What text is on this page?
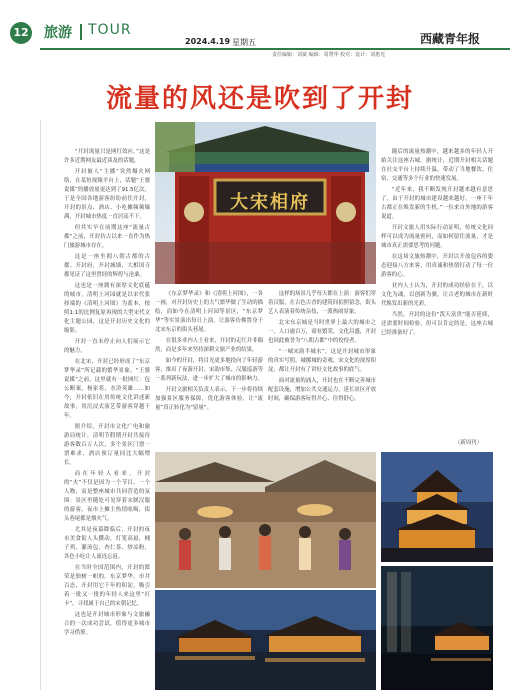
12 旅游 TOUR
2024.4.19 星期五	西藏青年报
责任编辑：刘斌 编辑：周赞华 校对：设计：刘惠光
流量的风还是吹到了开封

“开封流量只是网红效应。”这是许多近期网友最近谈及的话题。

开封被人“主播”突然爆火网络，在某短视频平台上，话题“王婆说媒”的播放量更达到了91.5亿次，于是全国各地游客纷纷前往开封，开封的景点、酒店、小吃摊频频爆满，开封城市热度一直居高不下。

但其实早在前期这座“流量古都”之前，开封仿古以来一直作为热门旅游城市存在。

这是一座坐拥八朝古都的古都。开封府，开封城墙，大相国寺都见证了这里曾经的辉煌与沧桑。

这也是一座拥有深厚文化底蕴的城市，清明上河园就是以宋代张择端的《清明上河图》为蓝本，按照1:1的比例复原再现的大型宋代文化主题公园，这是开封历史文化的缩影。

开封一直未停止向人们展示它的魅力。

在北宋，开封已经形成了“东京梦华录”所记载的繁华景象。“王婆说媒”之前，这里就有一批网红：包公断案，杨家将，水浒英雄……如今，开封依旧在用传统文化讲述新故事，用沉浸式演艺带游客穿越千年。

据介绍，开封市文化广电和旅游局统计，清明节假期开封共接待游客数百万人次，多个景区门票一票难求，酒店预订量同比大幅增长。

而在年轻人看来，开封的“火”不仅是因为一个节目、一个人物，而是整座城市共同营造的氛围：景区里随处可见穿着宋制汉服的游客，夜市上摊主热情吆喝，街头巷尾都是烟火气。

尤其是夜幕降临后，开封的夜市美食街人头攒动，灯笼高悬，桶子鸡、灌汤包、杏仁茶、炒凉粉，各色小吃让人流连忘返。

在当时全国范围内，开封的繁荣是独树一帜的。东京梦华，市井百态，开封用它千年的积淀，吸引着一批又一批的年轻人来这里“打卡”，寻找属于自己的宋朝记忆。

这也是开封城市形象与文旅融合的一次成功尝试，值得更多城市学习借鉴。

大宋相府

《东京梦华录》和《清明上河图》，一各一画，对开封历史上的大气繁华做了生动的描绘，而如今在清明上河园等景区，“东京梦华”等实景演出每日上演，让游客仿佛置身于北宋东京的街头巷尾。

在很多业内人士看来，开封的走红并非偶然，而是多年来坚持深耕文旅产业的结果。

如今的开封，将目光更多地投向了年轻游客，推出了夜游开封、宋韵市集、汉服巡游等一系列新玩法，进一步扩大了城市的影响力。

开封文旅相关负责人表示，下一步将持续加强景区服务保障，优化游客体验，让“流量”真正转化为“留量”。

这样的场景几乎每天都在上演：游客们穿着汉服，在古色古香的建筑间拍照留念，街头艺人表演着传统杂技，一派热闹景象。

北宋东京城是当时世界上最大的城市之一，人口逾百万，商业繁荣，文化昌盛，开封也因此被誉为“八朝古都”中的佼佼者。

“一城宋韵半城水”，这是开封城市形象的真实写照。城摞城的奇观、宋文化的深厚积淀，都让开封有了讲好文化故事的底气。

面对流量的涌入，开封也在不断完善城市配套设施，增加公共交通运力，延长景区开放时间，确保游客玩得开心、住得舒心。

随后的流量热潮中，越来越多的年轻人开始关注这座古城。据统计，近期开封相关话题在社交平台上持续升温，带动了当地餐饮、住宿、交通等多个行业的快速发展。

“近年来，我不断发现开封越来越有意思了，由于开封的城市建设越来越好，一座千年古都正在焕发新的生机。”一位来自外地的游客说道。

开封文旅人用实际行动证明，传统文化同样可以成为流量密码，而如何留住流量，才是城市真正需要思考的问题。

在这场文旅热潮中，开封以开放包容的姿态迎接八方来客，用真诚和热情打动了每一位游客的心。

业内人士认为，开封的成功经验在于，以文化为魂，以创新为翼，让古老的城市在新时代焕发出新的光彩。

当然，开封的这份“泼天富贵”能否延续，还需要时间检验，但可以肯定的是，这座古城已经准备好了。

（新周刊）
